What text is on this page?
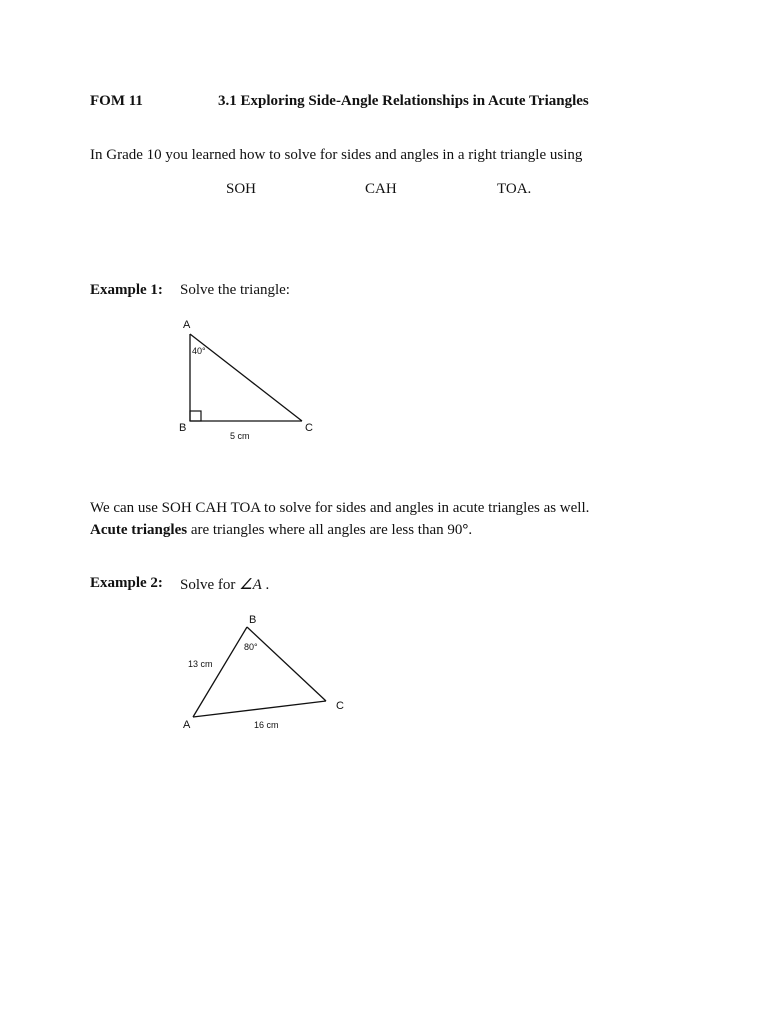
FOM 11	3.1 Exploring Side-Angle Relationships in Acute Triangles
In Grade 10 you learned how to solve for sides and angles in a right triangle using
SOH	CAH	TOA.
Example 1: Solve the triangle:
A
B	C
40°
5 cm
We can use SOH CAH TOA to solve for sides and angles in acute triangles as well.
Acute triangles are triangles where all angles are less than 90°.
Example 2: Solve for ∠A .
B
A
C
80°
13 cm
16 cm
